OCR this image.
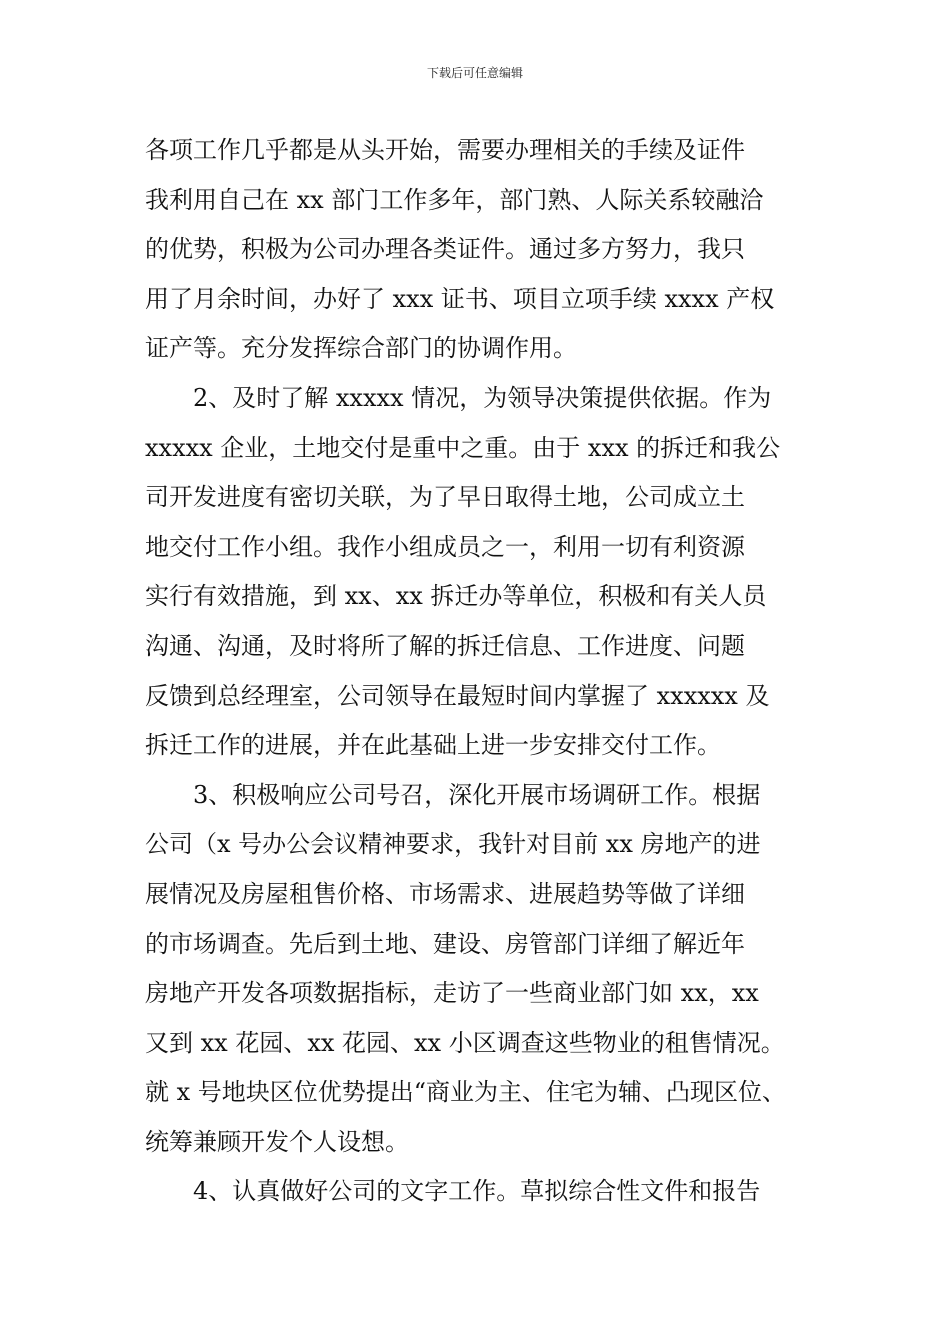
下载后可任意编辑
各项工作几乎都是从头开始，需要办理相关的手续及证件
我利用自己在 xx 部门工作多年，部门熟、人际关系较融洽
的优势，积极为公司办理各类证件。通过多方努力，我只
用了月余时间，办好了 xxx 证书、项目立项手续 xxxx 产权
证产等。充分发挥综合部门的协调作用。
2、及时了解 xxxxx 情况，为领导决策提供依据。作为
xxxxx 企业，土地交付是重中之重。由于 xxx 的拆迁和我公
司开发进度有密切关联，为了早日取得土地，公司成立土
地交付工作小组。我作小组成员之一，利用一切有利资源
实行有效措施，到 xx、xx 拆迁办等单位，积极和有关人员
沟通、沟通，及时将所了解的拆迁信息、工作进度、问题
反馈到总经理室，公司领导在最短时间内掌握了 xxxxxx 及
拆迁工作的进展，并在此基础上进一步安排交付工作。
3、积极响应公司号召，深化开展市场调研工作。根据
公司（x 号办公会议精神要求，我针对目前 xx 房地产的进
展情况及房屋租售价格、市场需求、进展趋势等做了详细
的市场调查。先后到土地、建设、房管部门详细了解近年
房地产开发各项数据指标，走访了一些商业部门如 xx，xx
又到 xx 花园、xx 花园、xx 小区调查这些物业的租售情况。
就 x 号地块区位优势提出“商业为主、住宅为辅、凸现区位、
统筹兼顾开发个人设想。
4、认真做好公司的文字工作。草拟综合性文件和报告
